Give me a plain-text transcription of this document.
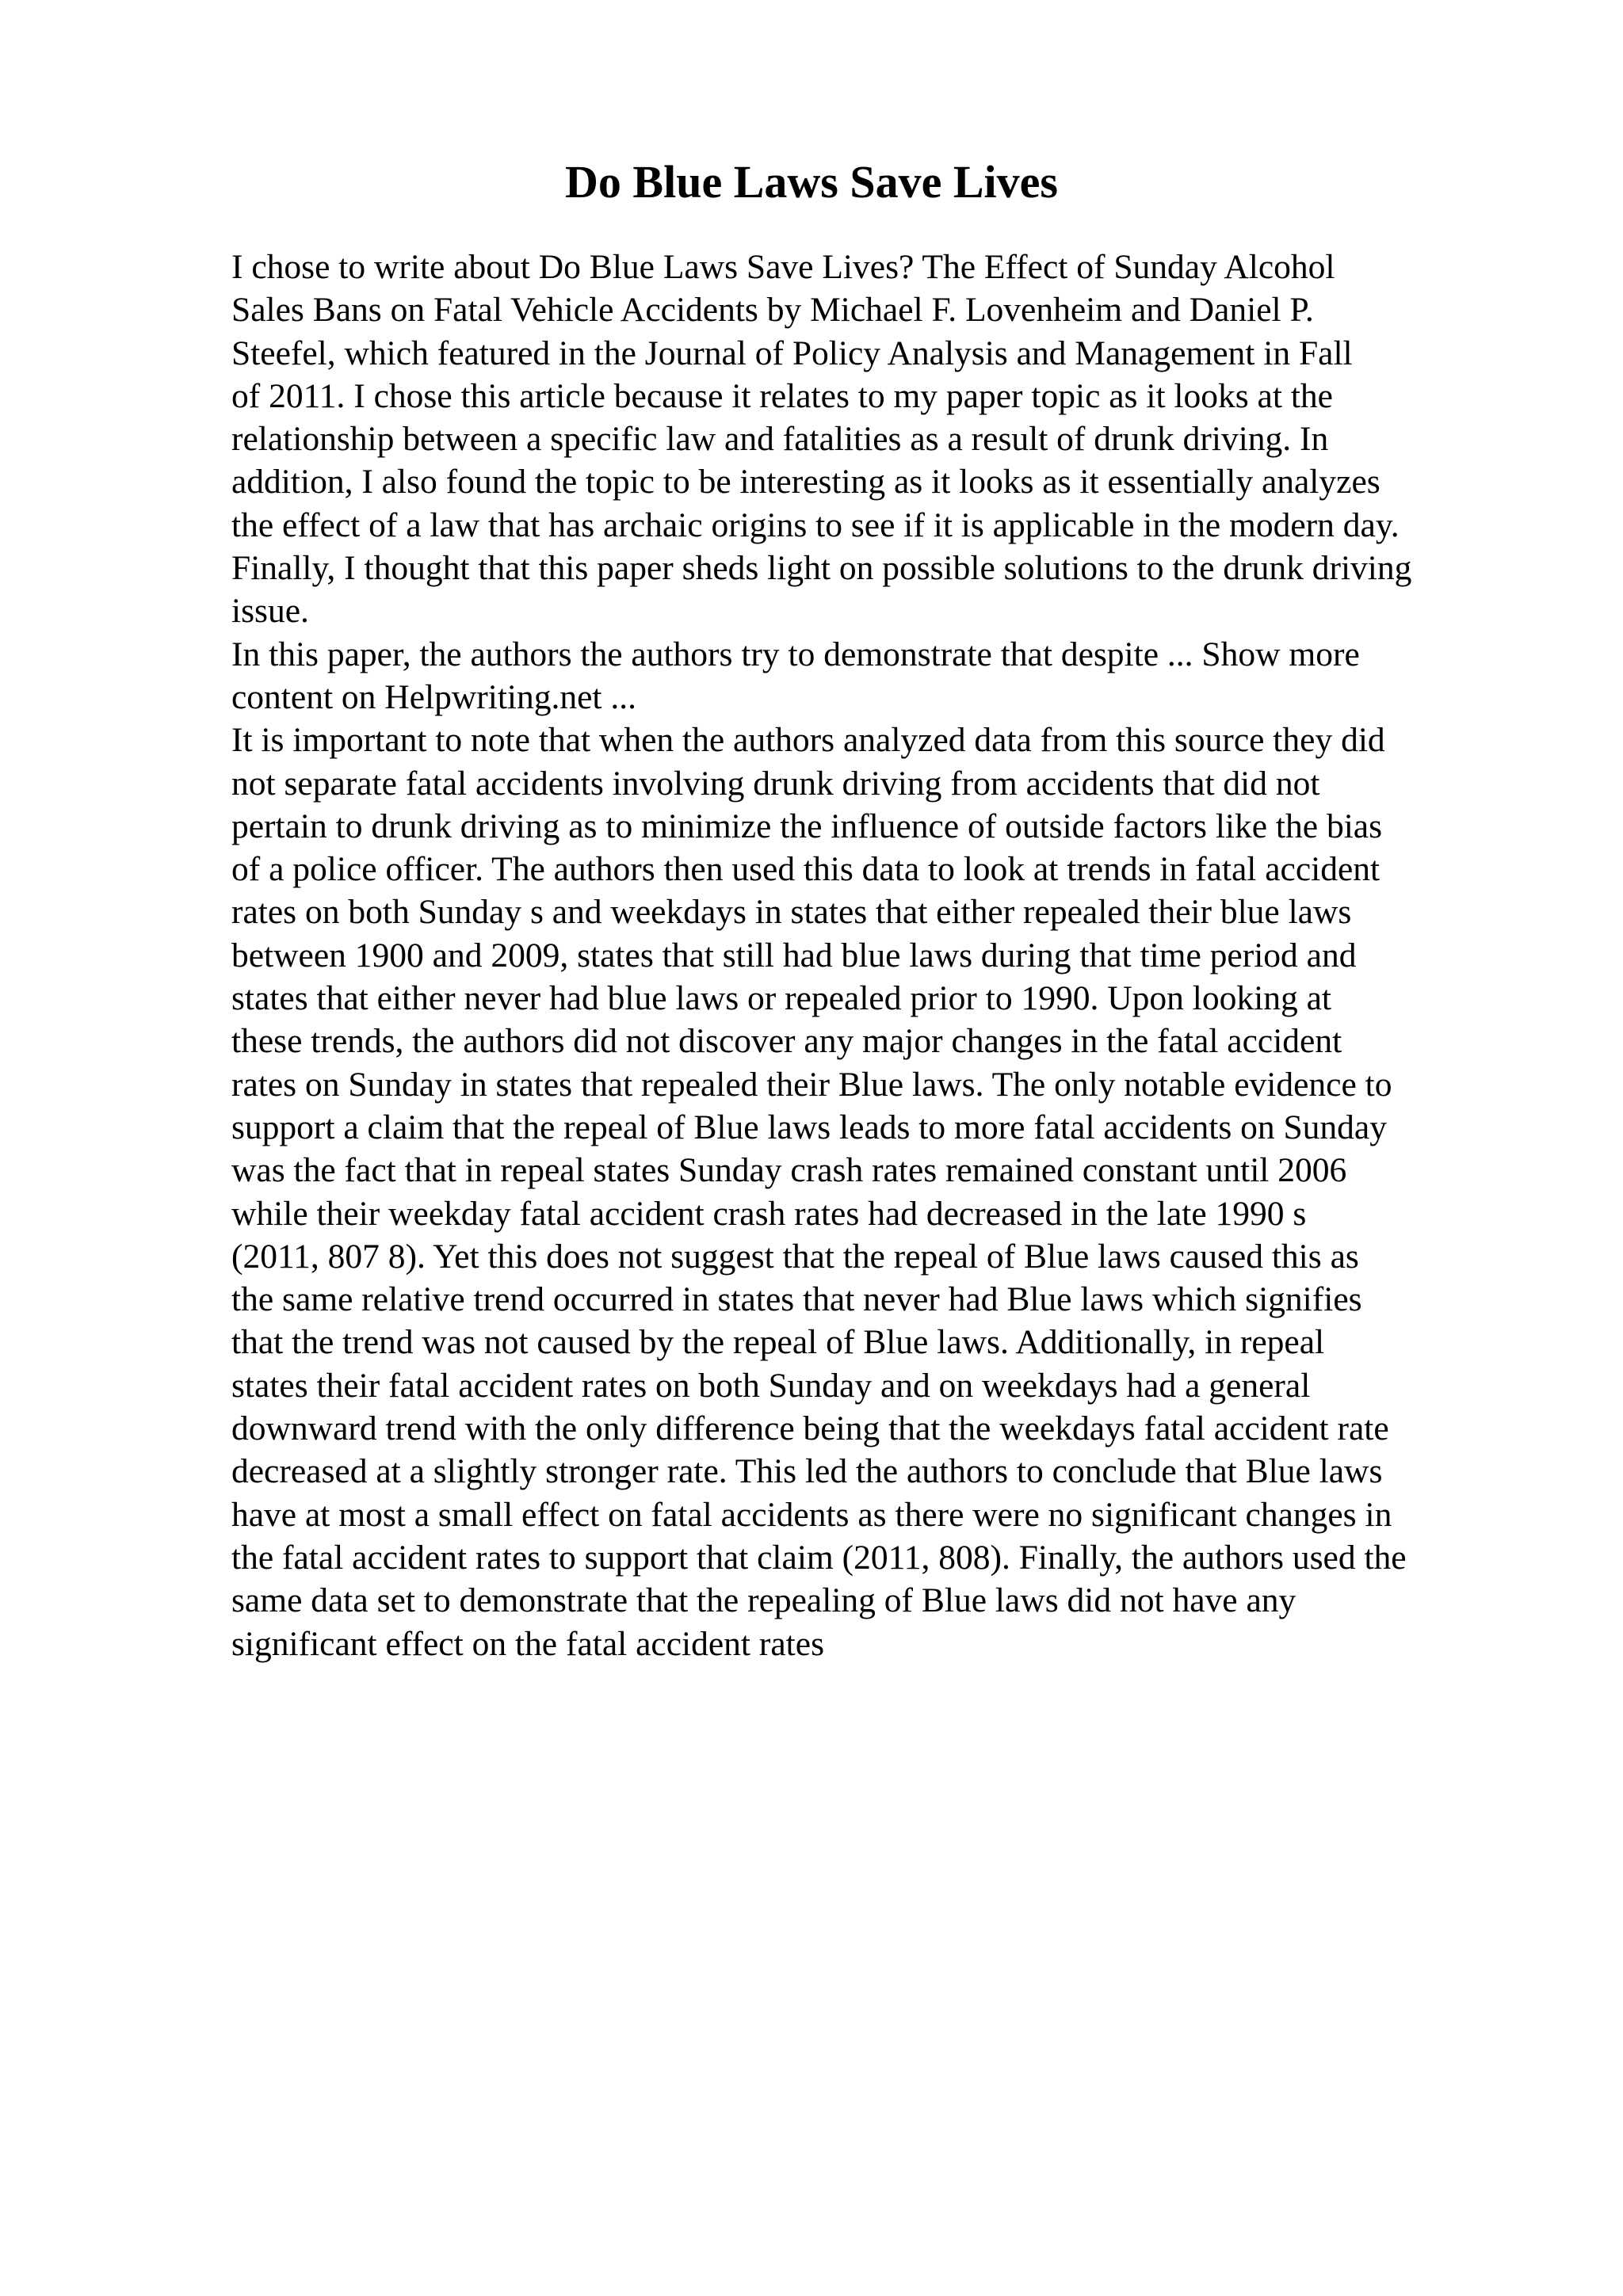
Do Blue Laws Save Lives

I chose to write about Do Blue Laws Save Lives? The Effect of Sunday Alcohol
Sales Bans on Fatal Vehicle Accidents by Michael F. Lovenheim and Daniel P.
Steefel, which featured in the Journal of Policy Analysis and Management in Fall
of 2011. I chose this article because it relates to my paper topic as it looks at the
relationship between a specific law and fatalities as a result of drunk driving. In
addition, I also found the topic to be interesting as it looks as it essentially analyzes
the effect of a law that has archaic origins to see if it is applicable in the modern day.
Finally, I thought that this paper sheds light on possible solutions to the drunk driving
issue.

In this paper, the authors the authors try to demonstrate that despite ... Show more
content on Helpwriting.net ...

It is important to note that when the authors analyzed data from this source they did
not separate fatal accidents involving drunk driving from accidents that did not
pertain to drunk driving as to minimize the influence of outside factors like the bias
of a police officer. The authors then used this data to look at trends in fatal accident
rates on both Sunday s and weekdays in states that either repealed their blue laws
between 1900 and 2009, states that still had blue laws during that time period and
states that either never had blue laws or repealed prior to 1990. Upon looking at
these trends, the authors did not discover any major changes in the fatal accident
rates on Sunday in states that repealed their Blue laws. The only notable evidence to
support a claim that the repeal of Blue laws leads to more fatal accidents on Sunday
was the fact that in repeal states Sunday crash rates remained constant until 2006
while their weekday fatal accident crash rates had decreased in the late 1990 s
(2011, 807 8). Yet this does not suggest that the repeal of Blue laws caused this as
the same relative trend occurred in states that never had Blue laws which signifies
that the trend was not caused by the repeal of Blue laws. Additionally, in repeal
states their fatal accident rates on both Sunday and on weekdays had a general
downward trend with the only difference being that the weekdays fatal accident rate
decreased at a slightly stronger rate. This led the authors to conclude that Blue laws
have at most a small effect on fatal accidents as there were no significant changes in
the fatal accident rates to support that claim (2011, 808). Finally, the authors used the
same data set to demonstrate that the repealing of Blue laws did not have any
significant effect on the fatal accident rates
